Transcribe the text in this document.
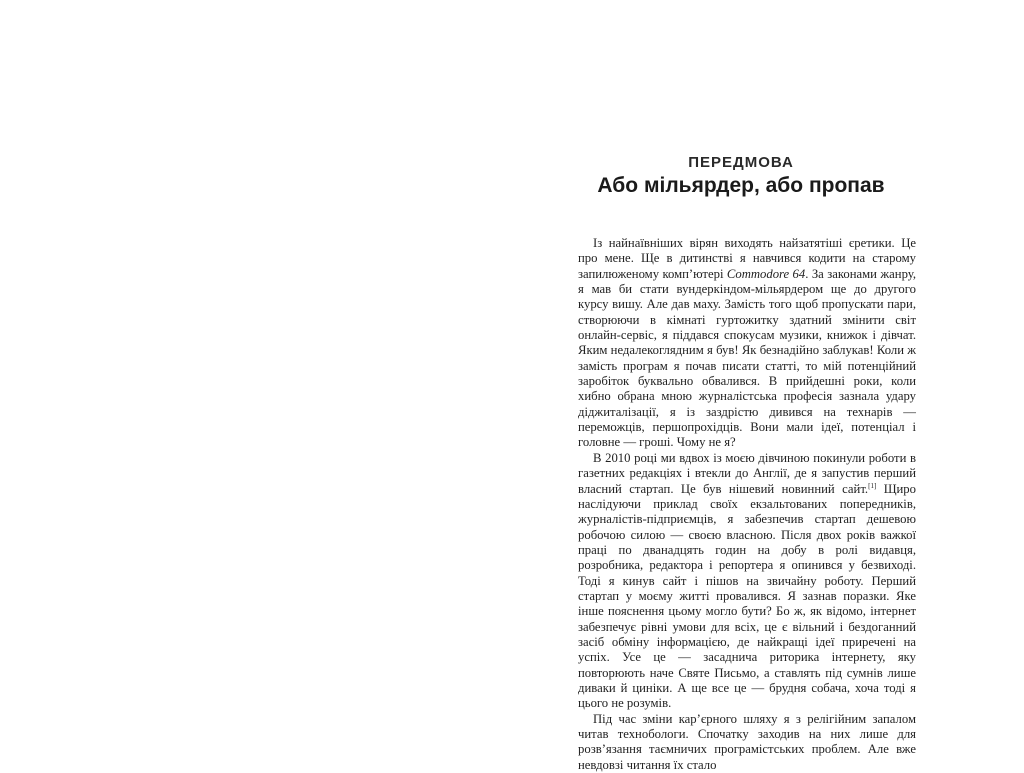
ПЕРЕДМОВА
Або мільярдер, або пропав

Із найнаївніших вірян виходять найзатятіші єретики. Це про мене. Ще в дитинстві я навчився кодити на старому запилюженому комп’ютері Commodore 64. За законами жанру, я мав би стати вундеркіндом-мільярдером ще до другого курсу вишу. Але дав маху. Замість того щоб пропускати пари, створюючи в кімнаті гуртожитку здатний змінити світ онлайн-сервіс, я піддався спокусам музики, книжок і дівчат. Яким недалекоглядним я був! Як безнадійно заблукав! Коли ж замість програм я почав писати статті, то мій потенційний заробіток буквально обвалився. В прийдешні роки, коли хибно обрана мною журналістська професія зазнала удару діджиталізації, я із заздрістю дивився на технарів — переможців, першопрохідців. Вони мали ідеї, потенціал і головне — гроші. Чому не я?

В 2010 році ми вдвох із моєю дівчиною покинули роботи в газетних редакціях і втекли до Англії, де я запустив перший власний стартап. Це був нішевий новинний сайт.[1] Щиро наслідуючи приклад своїх екзальтованих попередників, журналістів-підприємців, я забезпечив стартап дешевою робочою силою — своєю власною. Після двох років важкої праці по дванадцять годин на добу в ролі видавця, розробника, редактора і репортера я опинився у безвиході. Тоді я кинув сайт і пішов на звичайну роботу. Перший стартап у моєму житті провалився. Я зазнав поразки. Яке інше пояснення цьому могло бути? Бо ж, як відомо, інтернет забезпечує рівні умови для всіх, це є вільний і бездоганний засіб обміну інформацією, де найкращі ідеї приречені на успіх. Усе це — засаднича риторика інтернету, яку повторюють наче Святе Письмо, а ставлять під сумнів лише диваки й циніки. А ще все це — брудня собача, хоча тоді я цього не розумів.

Під час зміни кар’єрного шляху я з релігійним запалом читав технобологи. Спочатку заходив на них лише для розв’язання таємничих програмістських проблем. Але вже невдовзі читання їх стало
